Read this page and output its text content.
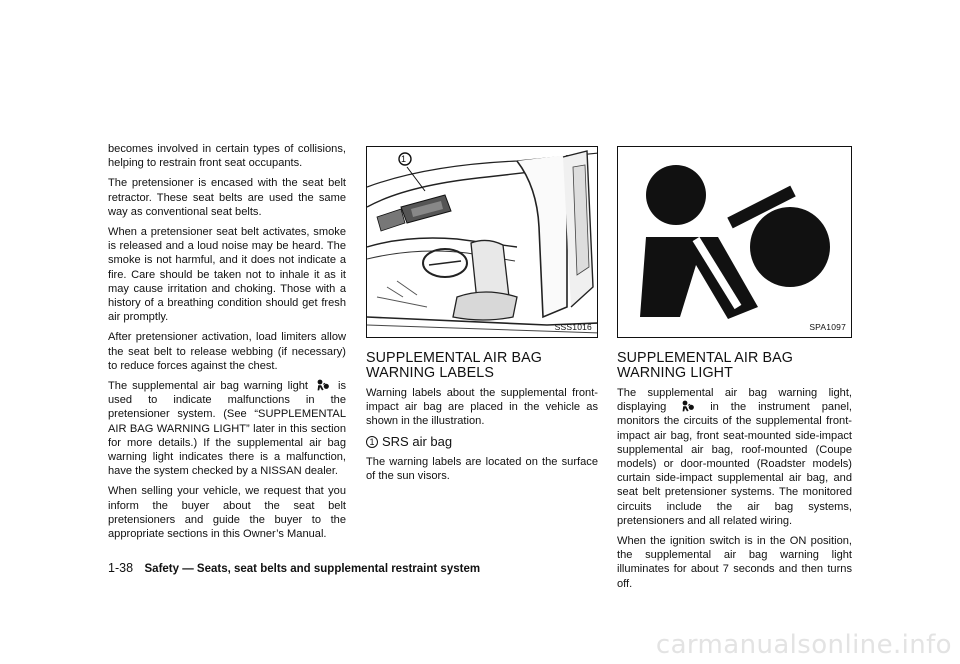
becomes involved in certain types of collisions, helping to restrain front seat occupants.

The pretensioner is encased with the seat belt retractor. These seat belts are used the same way as conventional seat belts.

When a pretensioner seat belt activates, smoke is released and a loud noise may be heard. The smoke is not harmful, and it does not indicate a fire. Care should be taken not to inhale it as it may cause irritation and choking. Those with a history of a breathing condition should get fresh air promptly.

After pretensioner activation, load limiters allow the seat belt to release webbing (if necessary) to reduce forces against the chest.

The supplemental air bag warning light	is used to indicate malfunctions in the pretensioner system. (See “SUPPLEMENTAL AIR BAG WARNING LIGHT” later in this section for more details.) If the supplemental air bag warning light indicates there is a malfunction, have the system checked by a NISSAN dealer.

When selling your vehicle, we request that you inform the buyer about the seat belt pretensioners and guide the buyer to the appropriate sections in this Owner’s Manual.

1
SSS1016
SUPPLEMENTAL AIR BAG WARNING LABELS

Warning labels about the supplemental front-impact air bag are placed in the vehicle as shown in the illustration.

1 SRS air bag

The warning labels are located on the surface of the sun visors.

SPA1097
SUPPLEMENTAL AIR BAG WARNING LIGHT

The supplemental air bag warning light, displaying	in the instrument panel, monitors the circuits of the supplemental front-impact air bag, front seat-mounted side-impact supplemental air bag, roof-mounted (Coupe models) or door-mounted (Roadster models) curtain side-impact supplemental air bag, and seat belt pretensioner systems. The monitored circuits include the air bag systems, pretensioners and all related wiring.

When the ignition switch is in the ON position, the supplemental air bag warning light illuminates for about 7 seconds and then turns off.

1-38 Safety — Seats, seat belts and supplemental restraint system
carmanualsonline.info
